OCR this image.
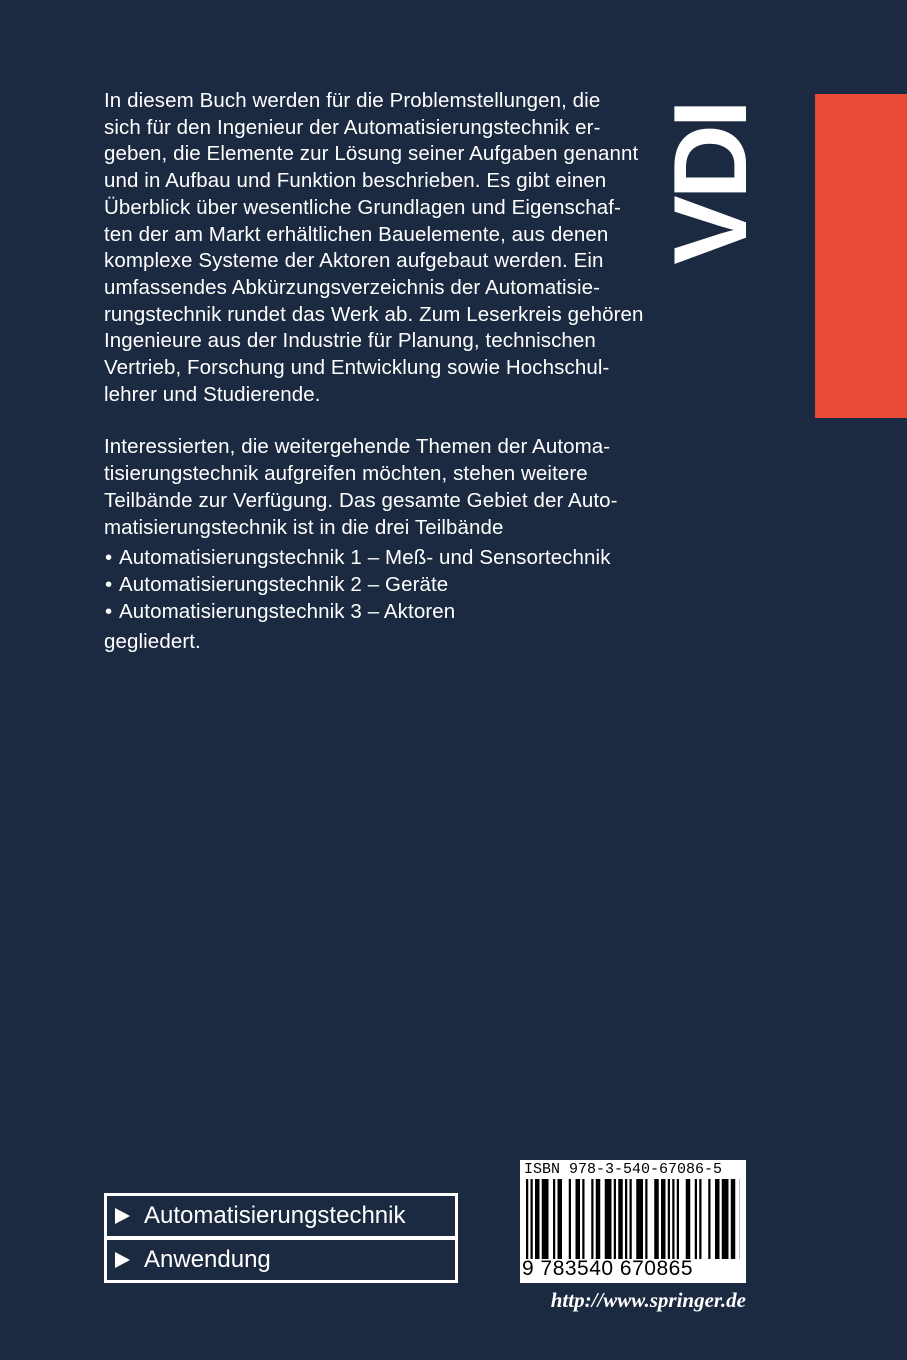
VDI

In diesem Buch werden für die Problemstellungen, die
sich für den Ingenieur der Automatisierungstechnik er-
geben, die Elemente zur Lösung seiner Aufgaben genannt
und in Aufbau und Funktion beschrieben. Es gibt einen
Überblick über wesentliche Grundlagen und Eigenschaf-
ten der am Markt erhältlichen Bauelemente, aus denen
komplexe Systeme der Aktoren aufgebaut werden. Ein
umfassendes Abkürzungsverzeichnis der Automatisie-
rungstechnik rundet das Werk ab. Zum Leserkreis gehören
Ingenieure aus der Industrie für Planung, technischen
Vertrieb, Forschung und Entwicklung sowie Hochschul-
lehrer und Studierende.

Interessierten, die weitergehende Themen der Automa-
tisierungstechnik aufgreifen möchten, stehen weitere
Teilbände zur Verfügung. Das gesamte Gebiet der Auto-
matisierungstechnik ist in die drei Teilbände

• Automatisierungstechnik 1 – Meß- und Sensortechnik
• Automatisierungstechnik 2 – Geräte
• Automatisierungstechnik 3 – Aktoren

gegliedert.

Automatisierungstechnik
Anwendung
ISBN 978-3-540-67086-5
9 783540 670865
http://www.springer.de
